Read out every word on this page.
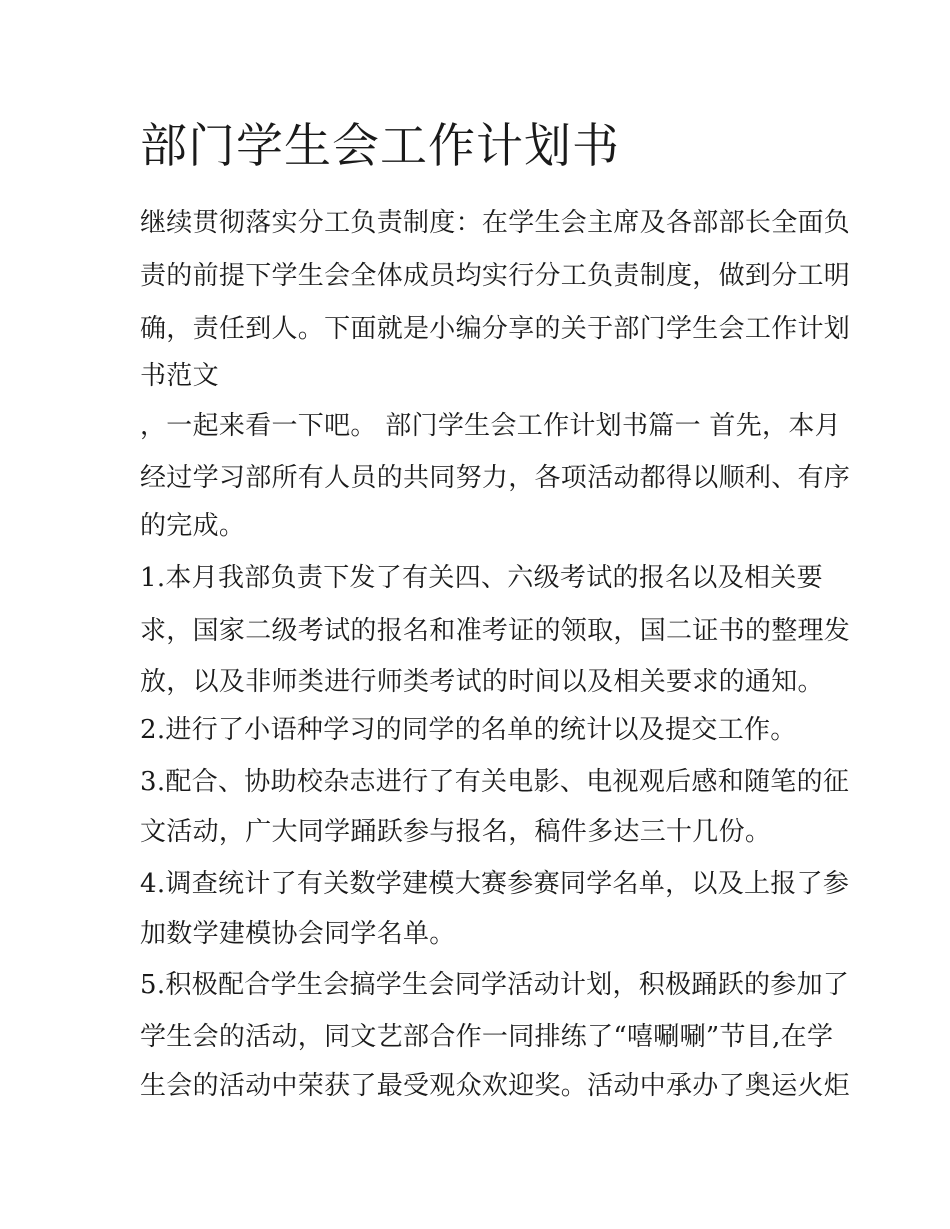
部门学生会工作计划书
继续贯彻落实分工负责制度：在学生会主席及各部部长全面负
责的前提下学生会全体成员均实行分工负责制度，做到分工明
确，责任到人。下面就是小编分享的关于部门学生会工作计划
书范文
，一起来看一下吧。 部门学生会工作计划书篇一 首先，本月
经过学习部所有人员的共同努力，各项活动都得以顺利、有序
的完成。
1.本月我部负责下发了有关四、六级考试的报名以及相关要
求，国家二级考试的报名和准考证的领取，国二证书的整理发
放，以及非师类进行师类考试的时间以及相关要求的通知。
2.进行了小语种学习的同学的名单的统计以及提交工作。
3.配合、协助校杂志进行了有关电影、电视观后感和随笔的征
文活动，广大同学踊跃参与报名，稿件多达三十几份。
4.调查统计了有关数学建模大赛参赛同学名单，以及上报了参
加数学建模协会同学名单。
5.积极配合学生会搞学生会同学活动计划，积极踊跃的参加了
学生会的活动，同文艺部合作一同排练了“嘻唰唰”节目,在学
生会的活动中荣获了最受观众欢迎奖。活动中承办了奥运火炬
